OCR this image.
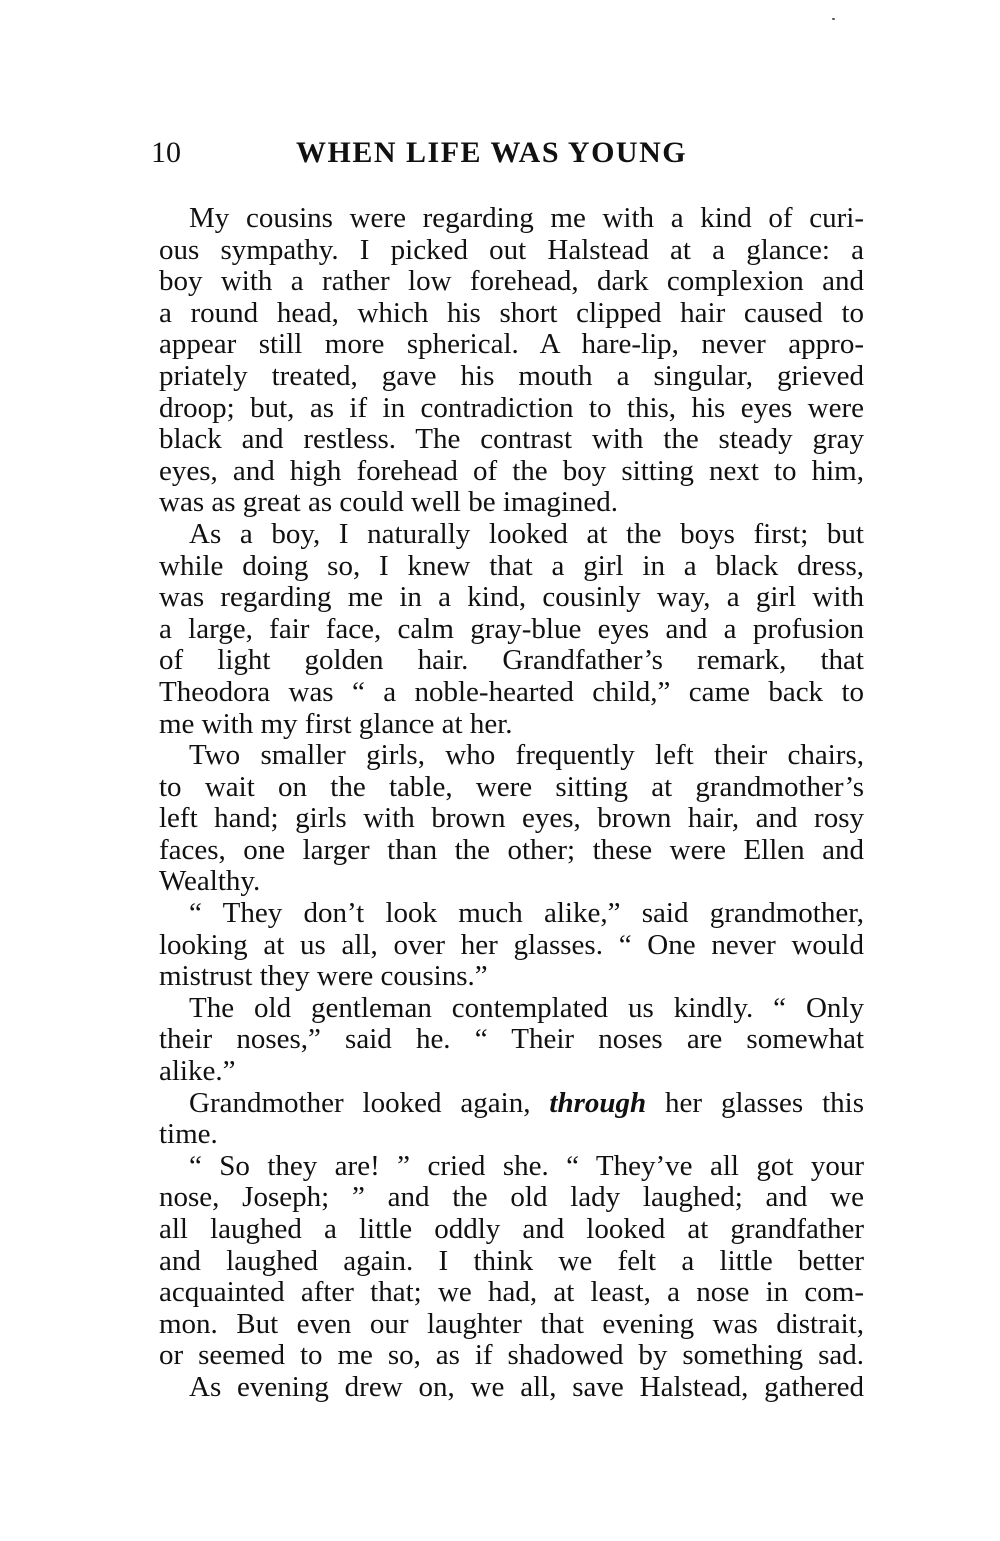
10	WHEN LIFE WAS YOUNG
My cousins were regarding me with a kind of curi-
ous sympathy. I picked out Halstead at a glance: a
boy with a rather low forehead, dark complexion and
a round head, which his short clipped hair caused to
appear still more spherical. A hare-lip, never appro-
priately treated, gave his mouth a singular, grieved
droop; but, as if in contradiction to this, his eyes were
black and restless. The contrast with the steady gray
eyes, and high forehead of the boy sitting next to him,
was as great as could well be imagined.
As a boy, I naturally looked at the boys first; but
while doing so, I knew that a girl in a black dress,
was regarding me in a kind, cousinly way, a girl with
a large, fair face, calm gray-blue eyes and a profusion
of light golden hair. Grandfather’s remark, that
Theodora was “ a noble-hearted child,” came back to
me with my first glance at her.
Two smaller girls, who frequently left their chairs,
to wait on the table, were sitting at grandmother’s
left hand; girls with brown eyes, brown hair, and rosy
faces, one larger than the other; these were Ellen and
Wealthy.
“ They don’t look much alike,” said grandmother,
looking at us all, over her glasses. “ One never would
mistrust they were cousins.”
The old gentleman contemplated us kindly. “ Only
their noses,” said he. “ Their noses are somewhat
alike.”
Grandmother looked again, through her glasses this
time.
“ So they are! ” cried she. “ They’ve all got your
nose, Joseph; ” and the old lady laughed; and we
all laughed a little oddly and looked at grandfather
and laughed again. I think we felt a little better
acquainted after that; we had, at least, a nose in com-
mon. But even our laughter that evening was distrait,
or seemed to me so, as if shadowed by something sad.
As evening drew on, we all, save Halstead, gathered
